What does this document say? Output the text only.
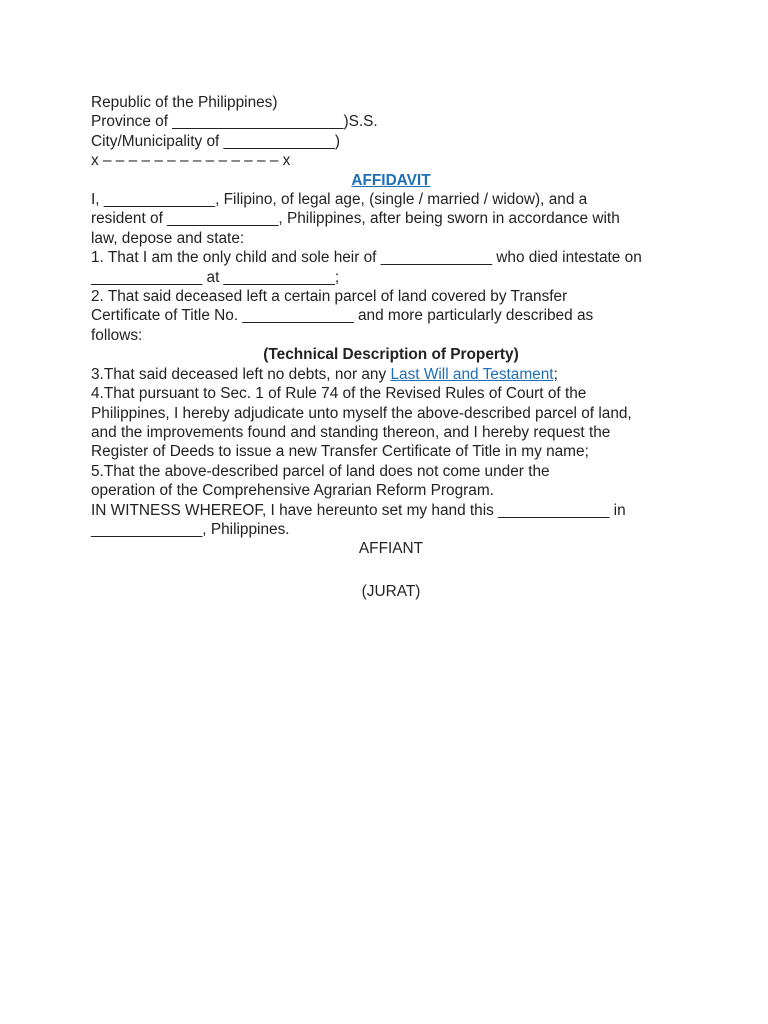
Republic of the Philippines)
Province of ____________________)S.S.
City/Municipality of _____________)
x – – – – – – – – – – – – – – x
AFFIDAVIT
I, _____________, Filipino, of legal age, (single / married / widow), and a
resident of _____________, Philippines, after being sworn in accordance with
law, depose and state:
1. That I am the only child and sole heir of _____________ who died intestate on
_____________ at _____________;
2. That said deceased left a certain parcel of land covered by Transfer
Certificate of Title No. _____________ and more particularly described as
follows:
(Technical Description of Property)
3.That said deceased left no debts, nor any Last Will and Testament;
4.That pursuant to Sec. 1 of Rule 74 of the Revised Rules of Court of the
Philippines, I hereby adjudicate unto myself the above-described parcel of land,
and the improvements found and standing thereon, and I hereby request the
Register of Deeds to issue a new Transfer Certificate of Title in my name;
5.That the above-described parcel of land does not come under the
operation of the Comprehensive Agrarian Reform Program.
IN WITNESS WHEREOF, I have hereunto set my hand this _____________ in
_____________, Philippines.
AFFIANT
(JURAT)
